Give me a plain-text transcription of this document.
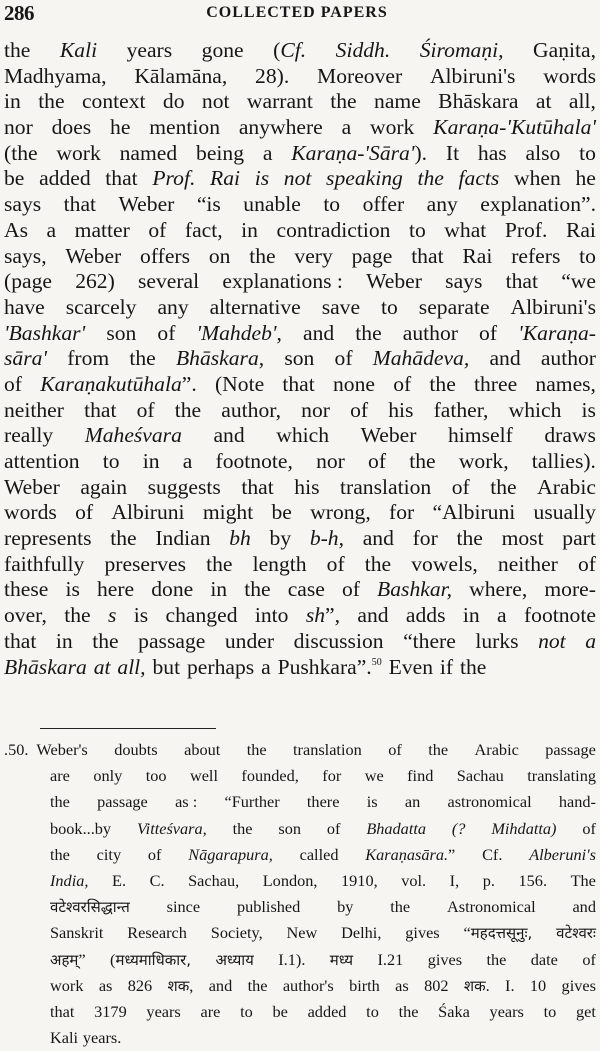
286	COLLECTED PAPERS
the Kali years gone (Cf. Siddh. Śiromaṇi, Gaṇita,
Madhyama, Kālamāna, 28). Moreover Albiruni's words
in the context do not warrant the name Bhāskara at all,
nor does he mention anywhere a work Karaṇa-'Kutūhala'
(the work named being a Karaṇa-'Sāra'). It has also to
be added that Prof. Rai is not speaking the facts when he
says that Weber “is unable to offer any explanation”.
As a matter of fact, in contradiction to what Prof. Rai
says, Weber offers on the very page that Rai refers to
(page 262) several explanations : Weber says that “we
have scarcely any alternative save to separate Albiruni's
'Bashkar' son of 'Mahdeb', and the author of 'Karaṇa-
sāra' from the Bhāskara, son of Mahādeva, and author
of Karaṇakutūhala”. (Note that none of the three names,
neither that of the author, nor of his father, which is
really Maheśvara and which Weber himself draws
attention to in a footnote, nor of the work, tallies).
Weber again suggests that his translation of the Arabic
words of Albiruni might be wrong, for “Albiruni usually
represents the Indian bh by b-h, and for the most part
faithfully preserves the length of the vowels, neither of
these is here done in the case of Bashkar, where, more-
over, the s is changed into sh”, and adds in a footnote
that in the passage under discussion “there lurks not a
Bhāskara at all, but perhaps a Pushkara”.$^{50}$ Even if the
.50. Weber's doubts about the translation of the Arabic passage
are only too well founded, for we find Sachau translating
the passage as : “Further there is an astronomical hand-
book...by Vitteśvara, the son of Bhadatta (? Mihdatta) of
the city of Nāgarapura, called Karaṇasāra.” Cf. Alberuni's
India, E. C. Sachau, London, 1910, vol. I, p. 156. The
वटेश्वरसिद्धान्त since published by the Astronomical and
Sanskrit Research Society, New Delhi, gives “महदत्तसूनुः, वटेश्वरः
अहम्” (मध्यमाधिकार, अध्याय I.1). मध्य I.21 gives the date of
work as 826 शक, and the author's birth as 802 शक. I. 10 gives
that 3179 years are to be added to the Śaka years to get
Kali years.
